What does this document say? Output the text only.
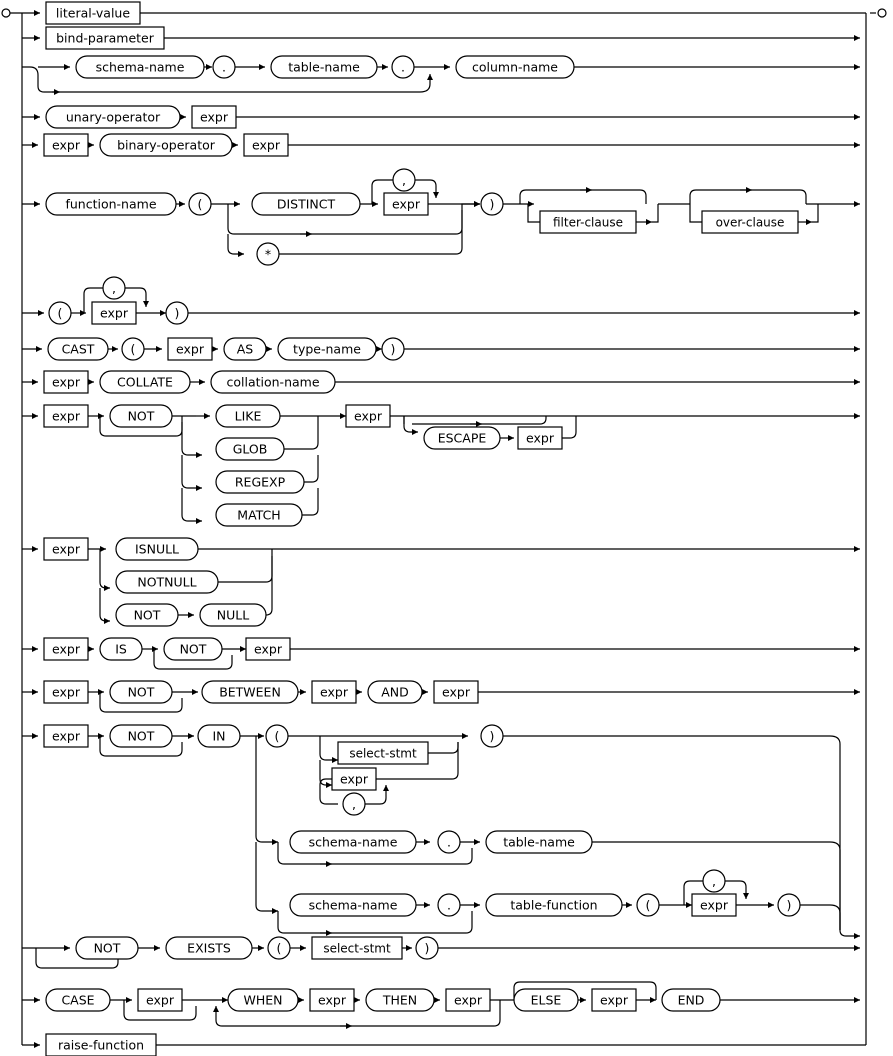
literal-value
bind-parameter
schema-name	.	table-name	.	column-name
unary-operator	expr
expr	binary-operator	expr
function-name	(	DISTINCT	expr
,
*
)
filter-clause	over-clause
(	expr
,
)
CAST	(	expr	AS	type-name )
expr	COLLATE	collation-name
expr	NOT	LIKE
GLOB
REGEXP
MATCH
expr
ESCAPE	expr
expr	ISNULL
NOTNULL
NOT	NULL
expr	IS	NOT	expr
expr	NOT	BETWEEN	expr	AND	expr
expr	NOT	IN	(
select-stmt
expr
,
)
schema-name	.	table-name
schema-name	.	table-function	(	expr
,
)
NOT	EXISTS	(	select-stmt	)
CASE	expr	WHEN	expr	THEN	expr	ELSE	expr	END
raise-function
